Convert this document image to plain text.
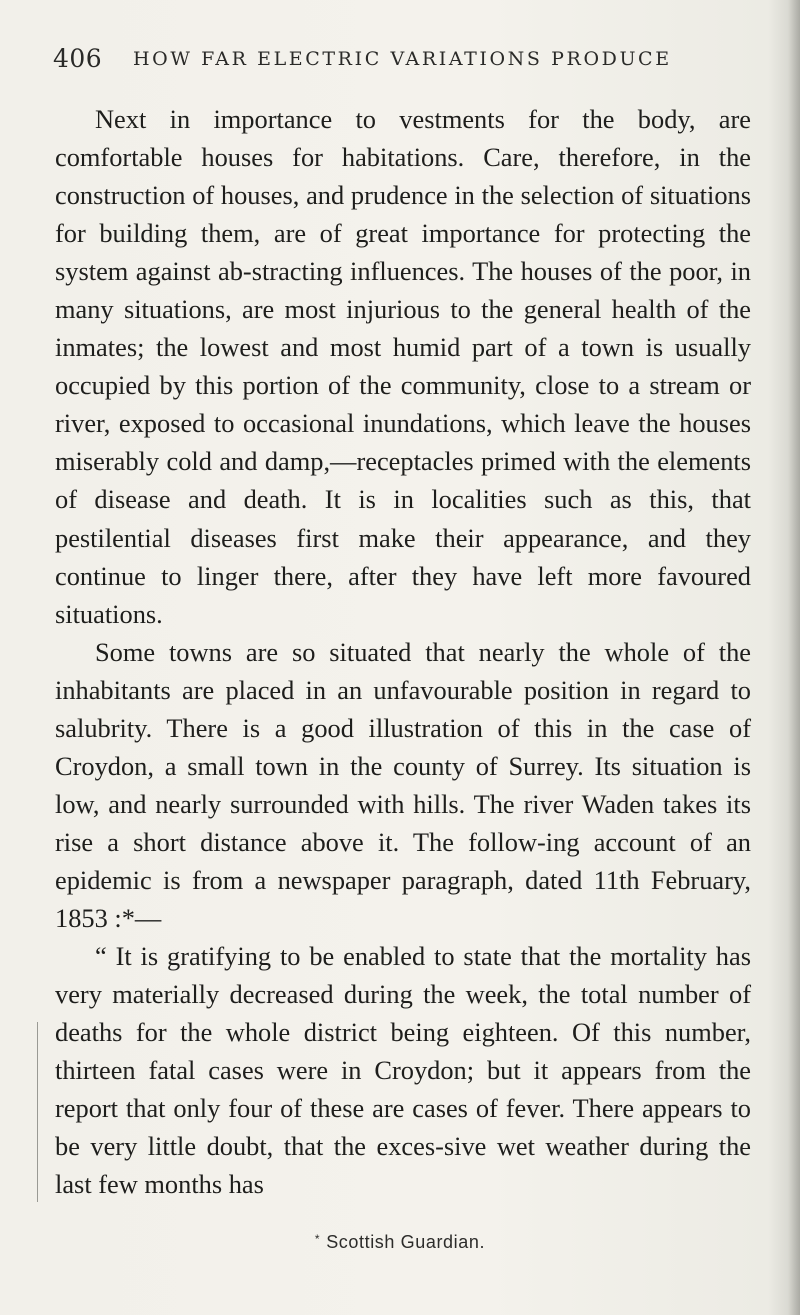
406 HOW FAR ELECTRIC VARIATIONS PRODUCE

Next in importance to vestments for the body, are comfortable houses for habitations. Care, therefore, in the construction of houses, and prudence in the selection of situations for building them, are of great importance for protecting the system against ab-stracting influences. The houses of the poor, in many situations, are most injurious to the general health of the inmates; the lowest and most humid part of a town is usually occupied by this portion of the community, close to a stream or river, exposed to occasional inundations, which leave the houses miserably cold and damp,—receptacles primed with the elements of disease and death. It is in localities such as this, that pestilential diseases first make their appearance, and they continue to linger there, after they have left more favoured situations.

Some towns are so situated that nearly the whole of the inhabitants are placed in an unfavourable position in regard to salubrity. There is a good illustration of this in the case of Croydon, a small town in the county of Surrey. Its situation is low, and nearly surrounded with hills. The river Waden takes its rise a short distance above it. The follow-ing account of an epidemic is from a newspaper paragraph, dated 11th February, 1853 :*—

“ It is gratifying to be enabled to state that the mortality has very materially decreased during the week, the total number of deaths for the whole district being eighteen. Of this number, thirteen fatal cases were in Croydon; but it appears from the report that only four of these are cases of fever. There appears to be very little doubt, that the exces-sive wet weather during the last few months has

* Scottish Guardian.
